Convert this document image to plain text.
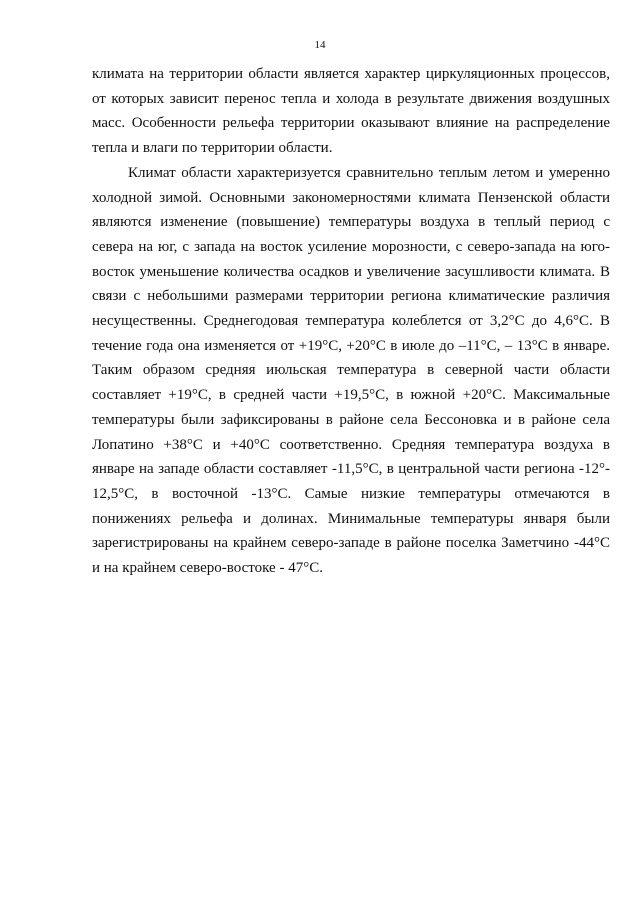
14

климата на территории области является характер циркуляционных процессов,
от которых зависит перенос тепла и холода в результате движения воздушных
масс. Особенности рельефа территории оказывают влияние на распределение
тепла и влаги по территории области.

Климат области характеризуется сравнительно теплым летом и умеренно
холодной зимой. Основными закономерностями климата Пензенской области
являются изменение (повышение) температуры воздуха в теплый период с
севера на юг, с запада на восток усиление морозности, с северо-запада на юго-
восток уменьшение количества осадков и увеличение засушливости климата. В
связи с небольшими размерами территории региона климатические различия
несущественны. Среднегодовая температура колеблется от 3,2°С до 4,6°С. В
течение года она изменяется от +19°С, +20°С в июле до –11°С, – 13°С в январе.
Таким образом средняя июльская температура в северной части области
составляет +19°С, в средней части +19,5°С, в южной +20°С. Максимальные
температуры были зафиксированы в районе села Бессоновка и в районе села
Лопатино +38°С и +40°С соответственно. Средняя температура воздуха в
январе на западе области составляет -11,5°С, в центральной части региона -12°-
12,5°С, в восточной -13°С. Самые низкие температуры отмечаются в
понижениях рельефа и долинах. Минимальные температуры января были
зарегистрированы на крайнем северо-западе в районе поселка Заметчино -44°С
и на крайнем северо-востоке - 47°С.
